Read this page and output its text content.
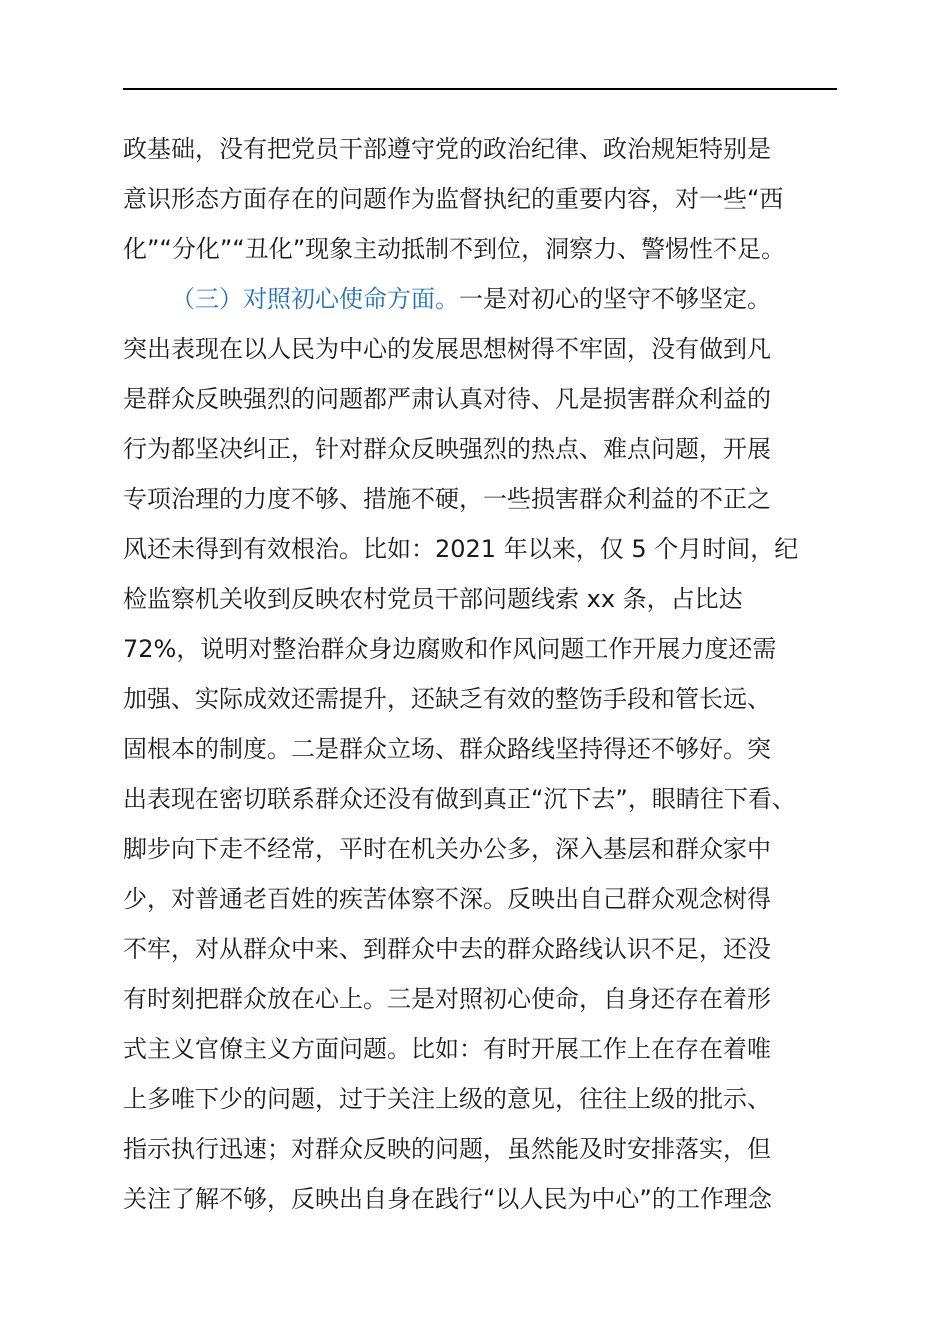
政基础，没有把党员干部遵守党的政治纪律、政治规矩特别是
意识形态方面存在的问题作为监督执纪的重要内容，对一些“西
化”“分化”“丑化”现象主动抵制不到位，洞察力、警惕性不足。
（三）对照初心使命方面。一是对初心的坚守不够坚定。
突出表现在以人民为中心的发展思想树得不牢固，没有做到凡
是群众反映强烈的问题都严肃认真对待、凡是损害群众利益的
行为都坚决纠正，针对群众反映强烈的热点、难点问题，开展
专项治理的力度不够、措施不硬，一些损害群众利益的不正之
风还未得到有效根治。比如：2021 年以来，仅 5 个月时间，纪
检监察机关收到反映农村党员干部问题线索 xx 条，占比达
72%，说明对整治群众身边腐败和作风问题工作开展力度还需
加强、实际成效还需提升，还缺乏有效的整饬手段和管长远、
固根本的制度。二是群众立场、群众路线坚持得还不够好。突
出表现在密切联系群众还没有做到真正“沉下去”，眼睛往下看、
脚步向下走不经常，平时在机关办公多，深入基层和群众家中
少，对普通老百姓的疾苦体察不深。反映出自己群众观念树得
不牢，对从群众中来、到群众中去的群众路线认识不足，还没
有时刻把群众放在心上。三是对照初心使命，自身还存在着形
式主义官僚主义方面问题。比如：有时开展工作上在存在着唯
上多唯下少的问题，过于关注上级的意见，往往上级的批示、
指示执行迅速；对群众反映的问题，虽然能及时安排落实，但
关注了解不够，反映出自身在践行“以人民为中心”的工作理念
